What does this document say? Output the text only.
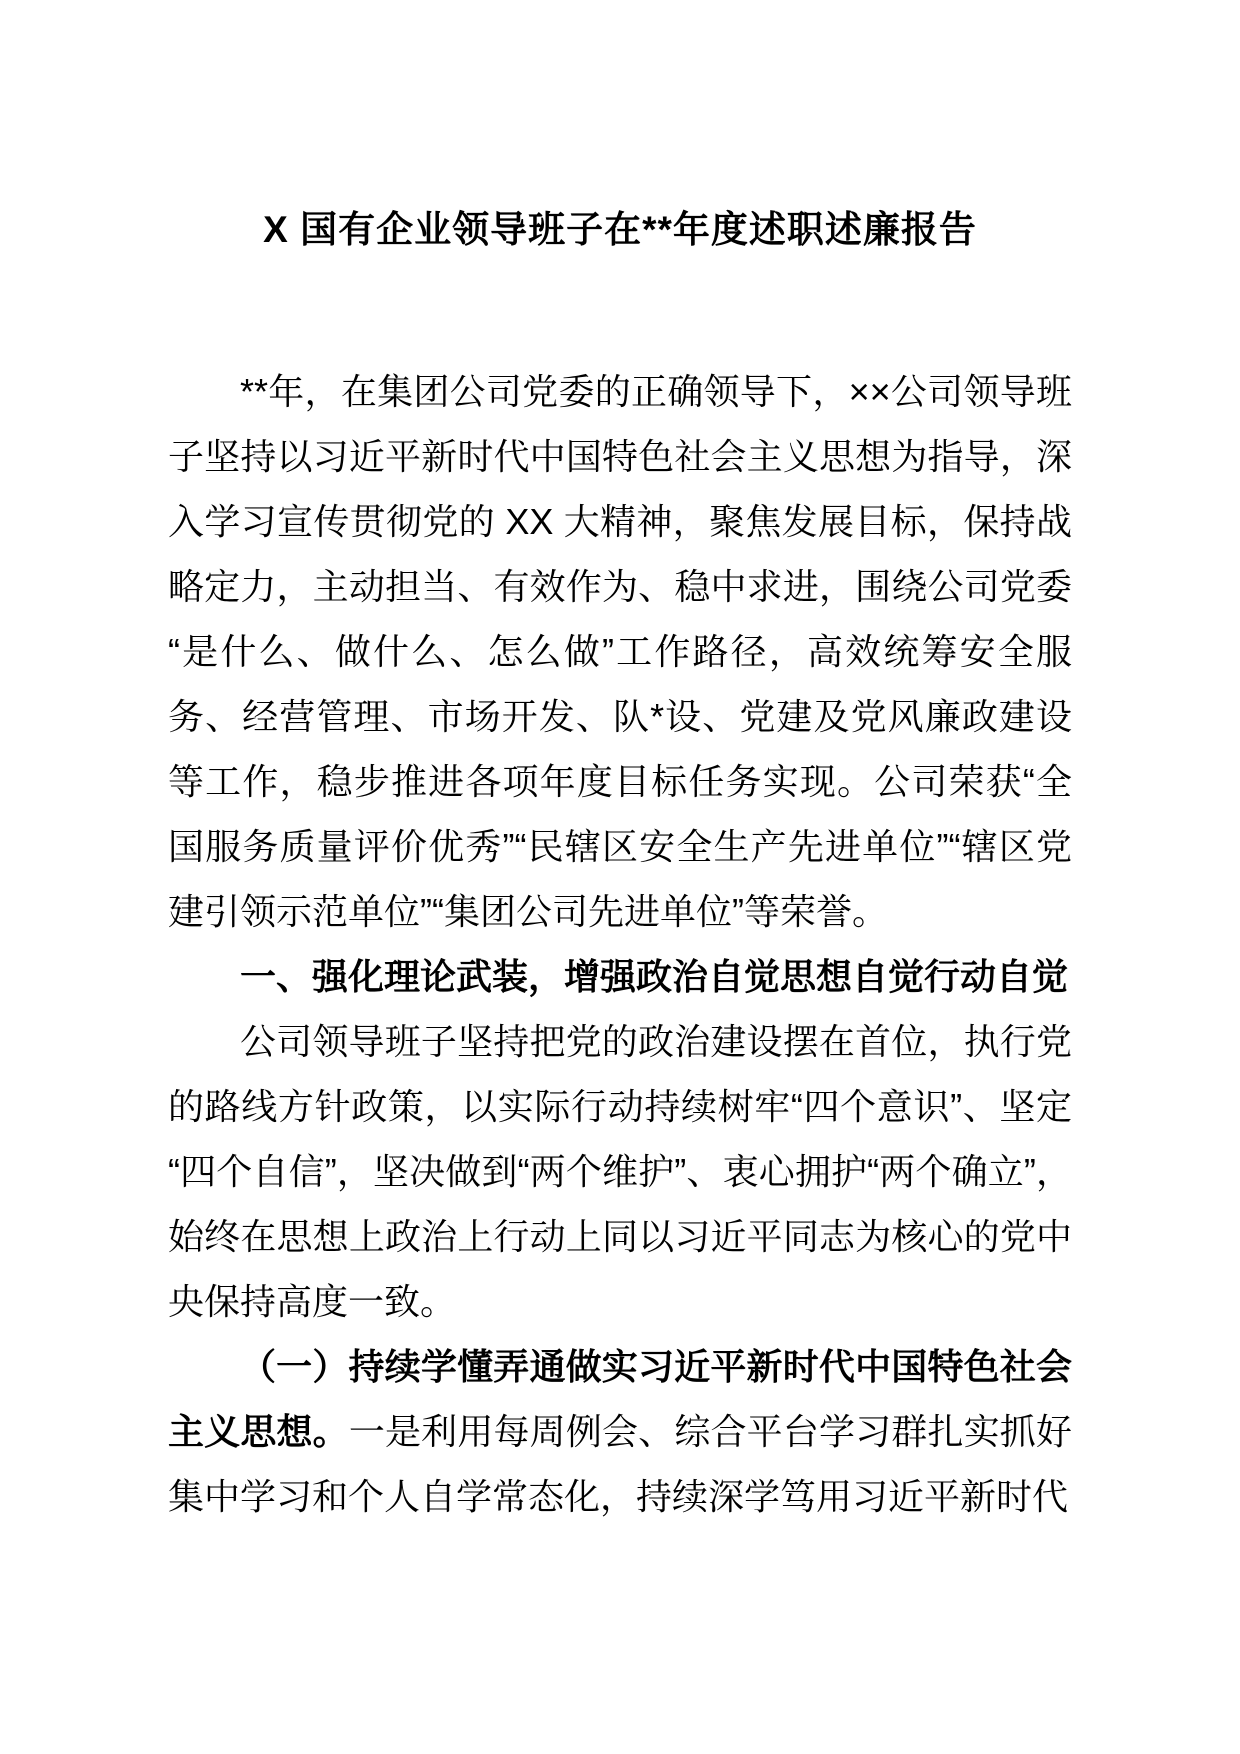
X 国有企业领导班子在**年度述职述廉报告

**年，在集团公司党委的正确领导下，××公司领导班子坚持以习近平新时代中国特色社会主义思想为指导，深入学习宣传贯彻党的 XX 大精神，聚焦发展目标，保持战略定力，主动担当、有效作为、稳中求进，围绕公司党委“是什么、做什么、怎么做”工作路径，高效统筹安全服务、经营管理、市场开发、队*设、党建及党风廉政建设等工作，稳步推进各项年度目标任务实现。公司荣获“全国服务质量评价优秀”“民辖区安全生产先进单位”“辖区党建引领示范单位”“集团公司先进单位”等荣誉。

一、强化理论武装，增强政治自觉思想自觉行动自觉

公司领导班子坚持把党的政治建设摆在首位，执行党的路线方针政策，以实际行动持续树牢“四个意识”、坚定“四个自信”，坚决做到“两个维护”、衷心拥护“两个确立”，始终在思想上政治上行动上同以习近平同志为核心的党中央保持高度一致。

（一）持续学懂弄通做实习近平新时代中国特色社会主义思想。一是利用每周例会、综合平台学习群扎实抓好集中学习和个人自学常态化，持续深学笃用习近平新时代
